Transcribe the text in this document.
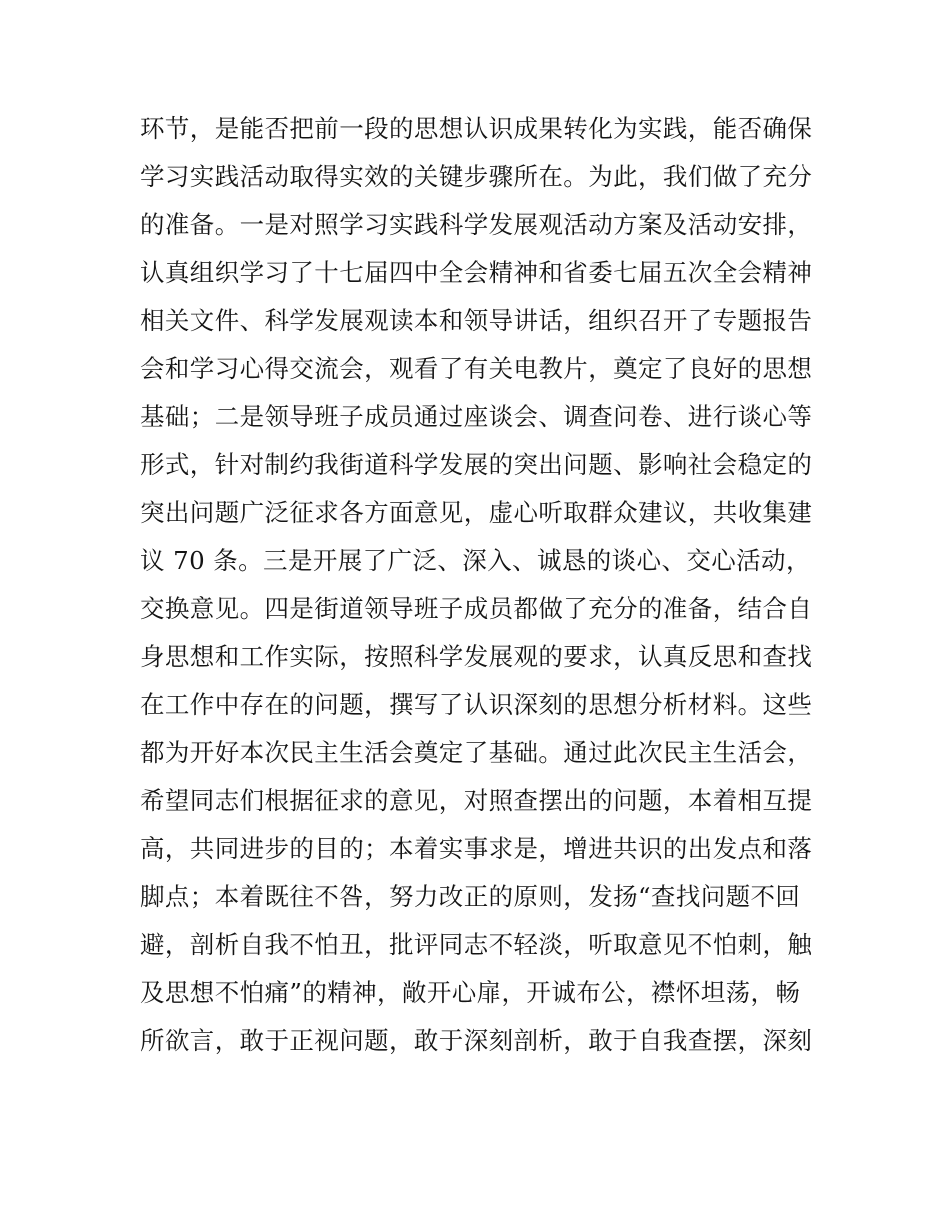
环节，是能否把前一段的思想认识成果转化为实践，能否确保
学习实践活动取得实效的关键步骤所在。为此，我们做了充分
的准备。一是对照学习实践科学发展观活动方案及活动安排，
认真组织学习了十七届四中全会精神和省委七届五次全会精神
相关文件、科学发展观读本和领导讲话，组织召开了专题报告
会和学习心得交流会，观看了有关电教片，奠定了良好的思想
基础；二是领导班子成员通过座谈会、调查问卷、进行谈心等
形式，针对制约我街道科学发展的突出问题、影响社会稳定的
突出问题广泛征求各方面意见，虚心听取群众建议，共收集建
议 70 条。三是开展了广泛、深入、诚恳的谈心、交心活动，
交换意见。四是街道领导班子成员都做了充分的准备，结合自
身思想和工作实际，按照科学发展观的要求，认真反思和查找
在工作中存在的问题，撰写了认识深刻的思想分析材料。这些
都为开好本次民主生活会奠定了基础。通过此次民主生活会，
希望同志们根据征求的意见，对照查摆出的问题，本着相互提
高，共同进步的目的；本着实事求是，增进共识的出发点和落
脚点；本着既往不咎，努力改正的原则，发扬“查找问题不回
避，剖析自我不怕丑，批评同志不轻淡，听取意见不怕刺，触
及思想不怕痛”的精神，敞开心扉，开诚布公，襟怀坦荡，畅
所欲言，敢于正视问题，敢于深刻剖析，敢于自我查摆，深刻
